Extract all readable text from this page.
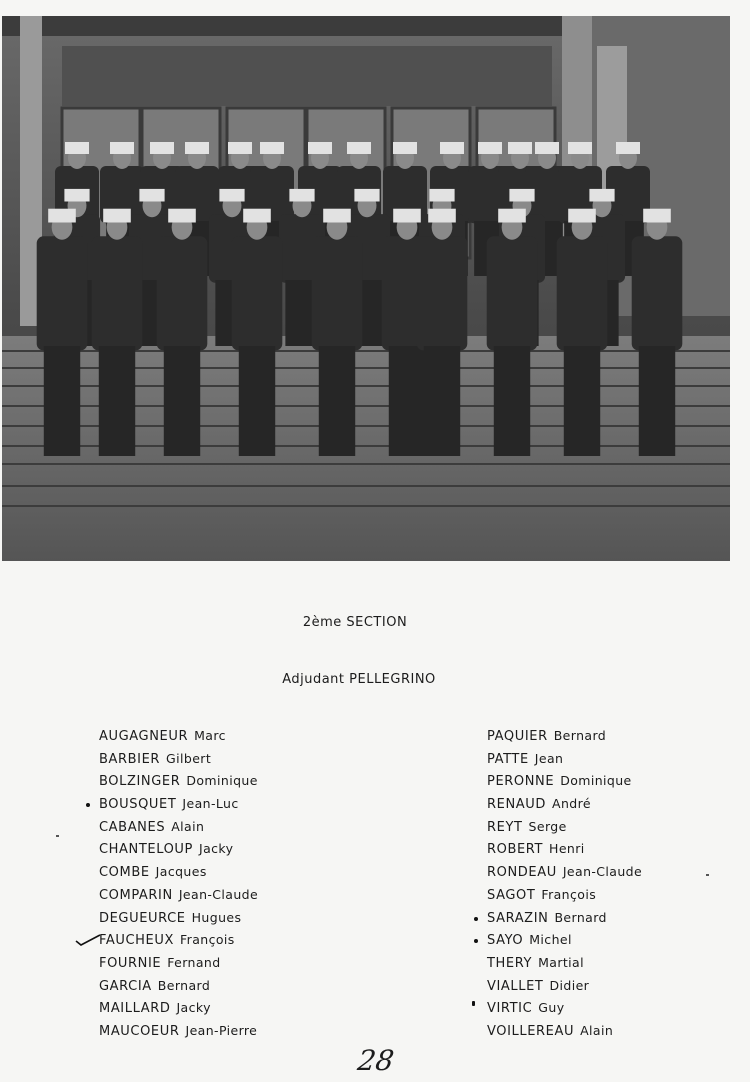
2ème SECTION
Adjudant PELLEGRINO
AUGAGNEUR Marc
BARBIER Gilbert
BOLZINGER Dominique
BOUSQUET Jean-Luc
CABANES Alain
CHANTELOUP Jacky
COMBE Jacques
COMPARIN Jean-Claude
DEGUEURCE Hugues
FAUCHEUX François
FOURNIE Fernand
GARCIA Bernard
MAILLARD Jacky
MAUCOEUR Jean-Pierre
PAQUIER Bernard
PATTE Jean
PERONNE Dominique
RENAUD André
REYT Serge
ROBERT Henri
RONDEAU Jean-Claude
SAGOT François
SARAZIN Bernard
SAYO Michel
THERY Martial
VIALLET Didier
VIRTIC Guy
VOILLEREAU Alain
28
